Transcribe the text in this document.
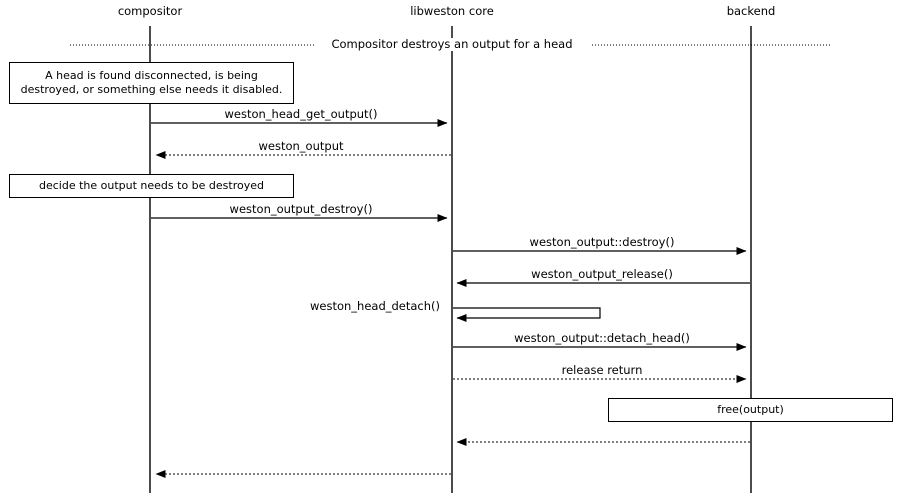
compositor	libweston core	backend
Compositor destroys an output for a head
A head is found disconnected, is being destroyed, or something else needs it disabled.
decide the output needs to be destroyed
free(output)
weston_head_get_output()
weston_output
weston_output_destroy()
weston_output::destroy()
weston_output_release()
weston_head_detach()
weston_output::detach_head()
release return
